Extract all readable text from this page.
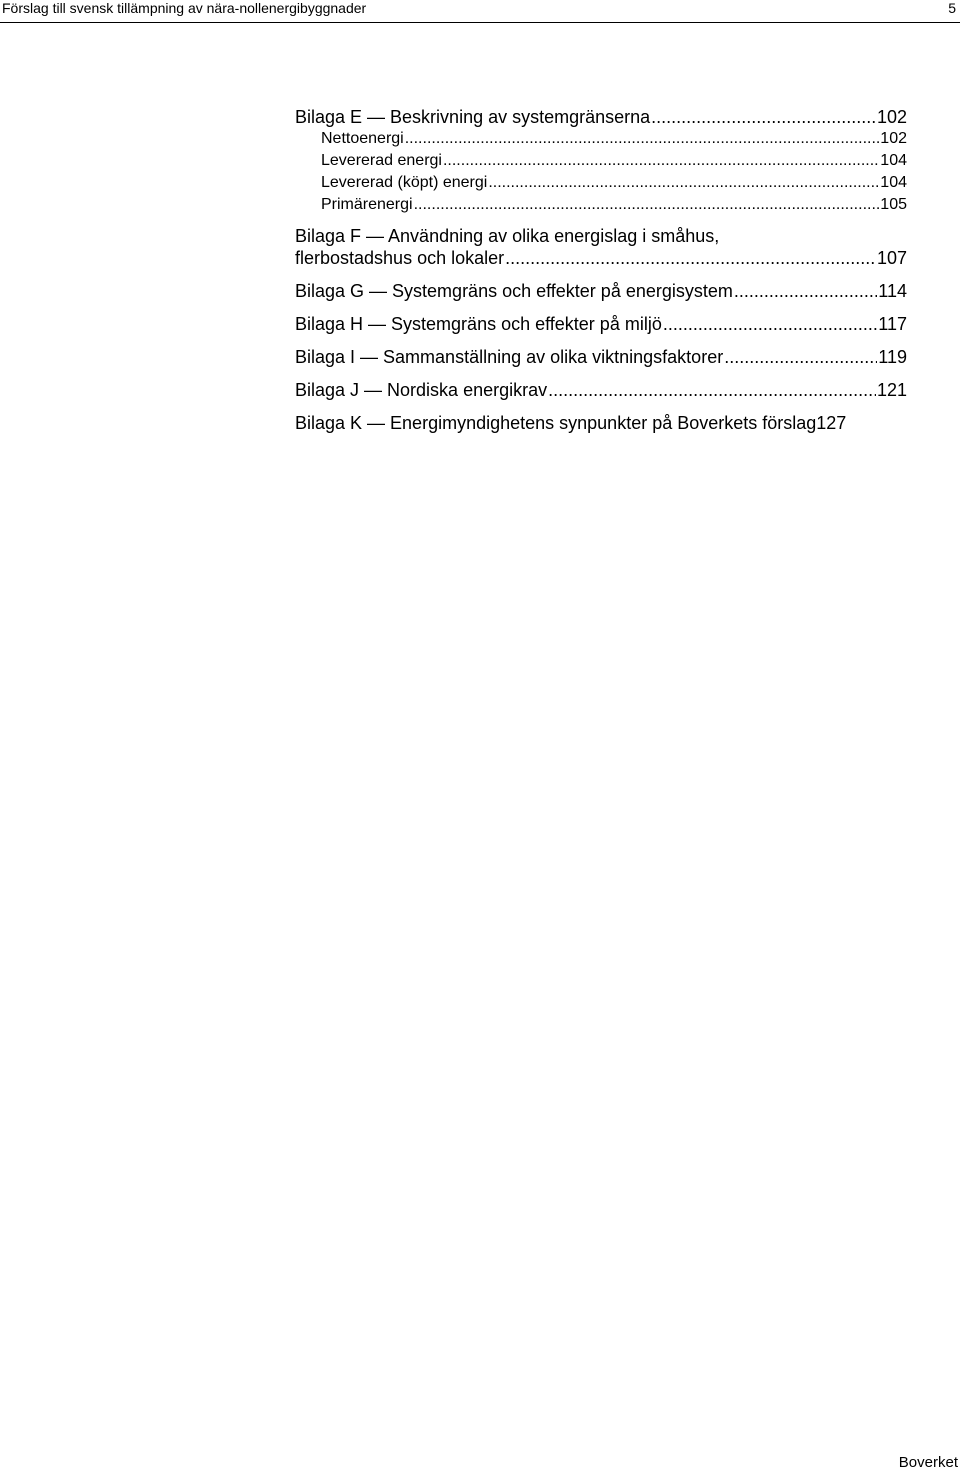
Förslag till svensk tillämpning av nära-nollenergibyggnader	5
Bilaga E — Beskrivning av systemgränserna .....	102
Nettoenergi .....	102
Levererad energi .....	104
Levererad (köpt) energi .....	104
Primärenergi .....	105
Bilaga F — Användning av olika energislag i småhus,
flerbostadshus och lokaler .....	107
Bilaga G — Systemgräns och effekter på energisystem .....	114
Bilaga H — Systemgräns och effekter på miljö .....	117
Bilaga I — Sammanställning av olika viktningsfaktorer .....	119
Bilaga J — Nordiska energikrav .....	121
Bilaga K — Energimyndighetens synpunkter på Boverkets förslag 127
Boverket
